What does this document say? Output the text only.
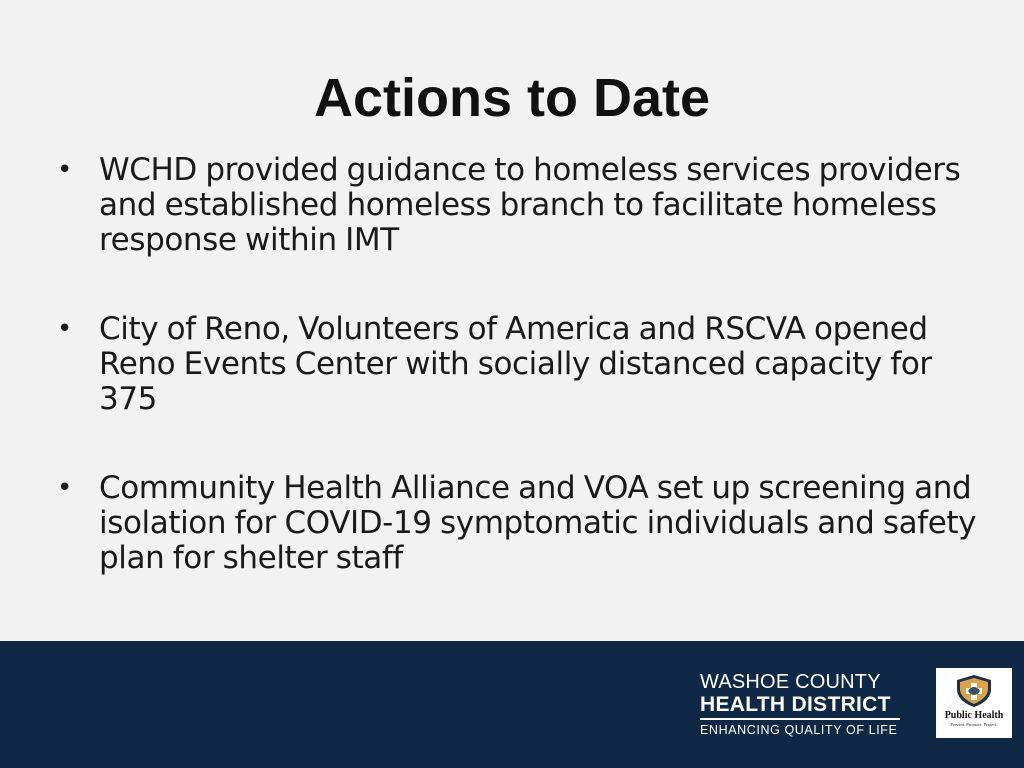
Actions to Date
• WCHD provided guidance to homeless services providers and established homeless branch to facilitate homeless response within IMT
• City of Reno, Volunteers of America and RSCVA opened Reno Events Center with socially distanced capacity for 375
• Community Health Alliance and VOA set up screening and isolation for COVID-19 symptomatic individuals and safety plan for shelter staff
WASHOE COUNTY
HEALTH DISTRICT
ENHANCING QUALITY OF LIFE
Public Health
Prevent. Promote. Protect.
